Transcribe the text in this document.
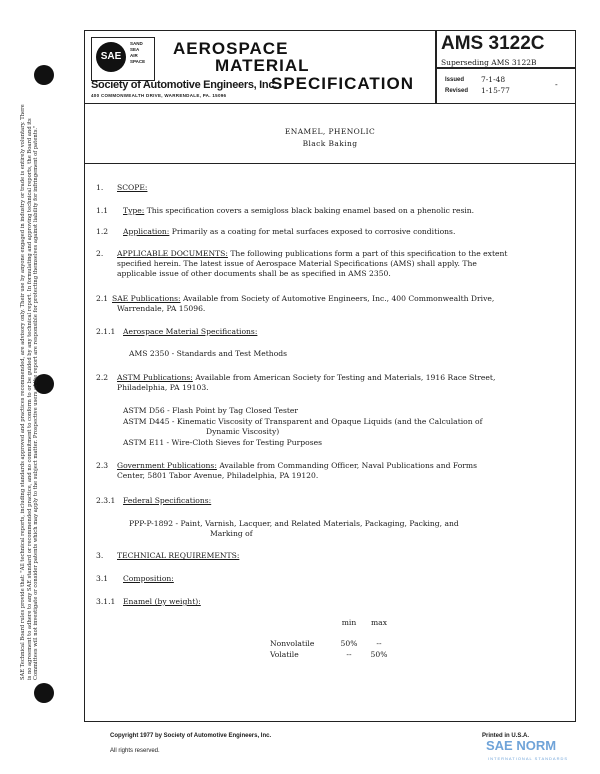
SAE Technical Board rules provide that: "All technical reports, including standards approved and practices recommended, are advisory only. Their use by anyone engaged in industry or trade is entirely voluntary. There is no agreement to adhere to any SAE standard or recommended practice, and no commitment to conform to or be guided by any technical report. In formulating and approving technical reports, the Board and its Committees will not investigate or consider patents which may apply to the subject matter. Prospective users of the report are responsible for protecting themselves against liability for infringement of patents."
SAE
SAND
SEA
AIR
SPACE
AEROSPACE
MATERIAL
SPECIFICATION
Society of Automotive Engineers, Inc.
400 COMMONWEALTH DRIVE, WARRENDALE, PA. 15096
AMS 3122C
Superseding AMS 3122B
Issued 7-1-48
-
Revised 1-15-77
ENAMEL, PHENOLIC
Black Baking
1. SCOPE:
1.1 Type: This specification covers a semigloss black baking enamel based on a phenolic resin.
1.2 Application: Primarily as a coating for metal surfaces exposed to corrosive conditions.
2. APPLICABLE DOCUMENTS: The following publications form a part of this specification to the extent
specified herein. The latest issue of Aerospace Material Specifications (AMS) shall apply. The
applicable issue of other documents shall be as specified in AMS 2350.
2.1 SAE Publications: Available from Society of Automotive Engineers, Inc., 400 Commonwealth Drive,
Warrendale, PA 15096.
2.1.1 Aerospace Material Specifications:
AMS 2350 - Standards and Test Methods
2.2 ASTM Publications: Available from American Society for Testing and Materials, 1916 Race Street,
Philadelphia, PA 19103.
ASTM D56 - Flash Point by Tag Closed Tester
ASTM D445 - Kinematic Viscosity of Transparent and Opaque Liquids (and the Calculation of
Dynamic Viscosity)
ASTM E11 - Wire-Cloth Sieves for Testing Purposes
2.3 Government Publications: Available from Commanding Officer, Naval Publications and Forms
Center, 5801 Tabor Avenue, Philadelphia, PA 19120.
2.3.1 Federal Specifications:
PPP-P-1892 - Paint, Varnish, Lacquer, and Related Materials, Packaging, Packing, and
Marking of
3. TECHNICAL REQUIREMENTS:
3.1 Composition:
3.1.1 Enamel (by weight):
	min	max

Nonvolatile	50%	--
Volatile	--	50%
Copyright 1977 by Society of Automotive Engineers, Inc.
All rights reserved.
Printed in U.S.A.
SAE NORM
INTERNATIONAL STANDARDS
